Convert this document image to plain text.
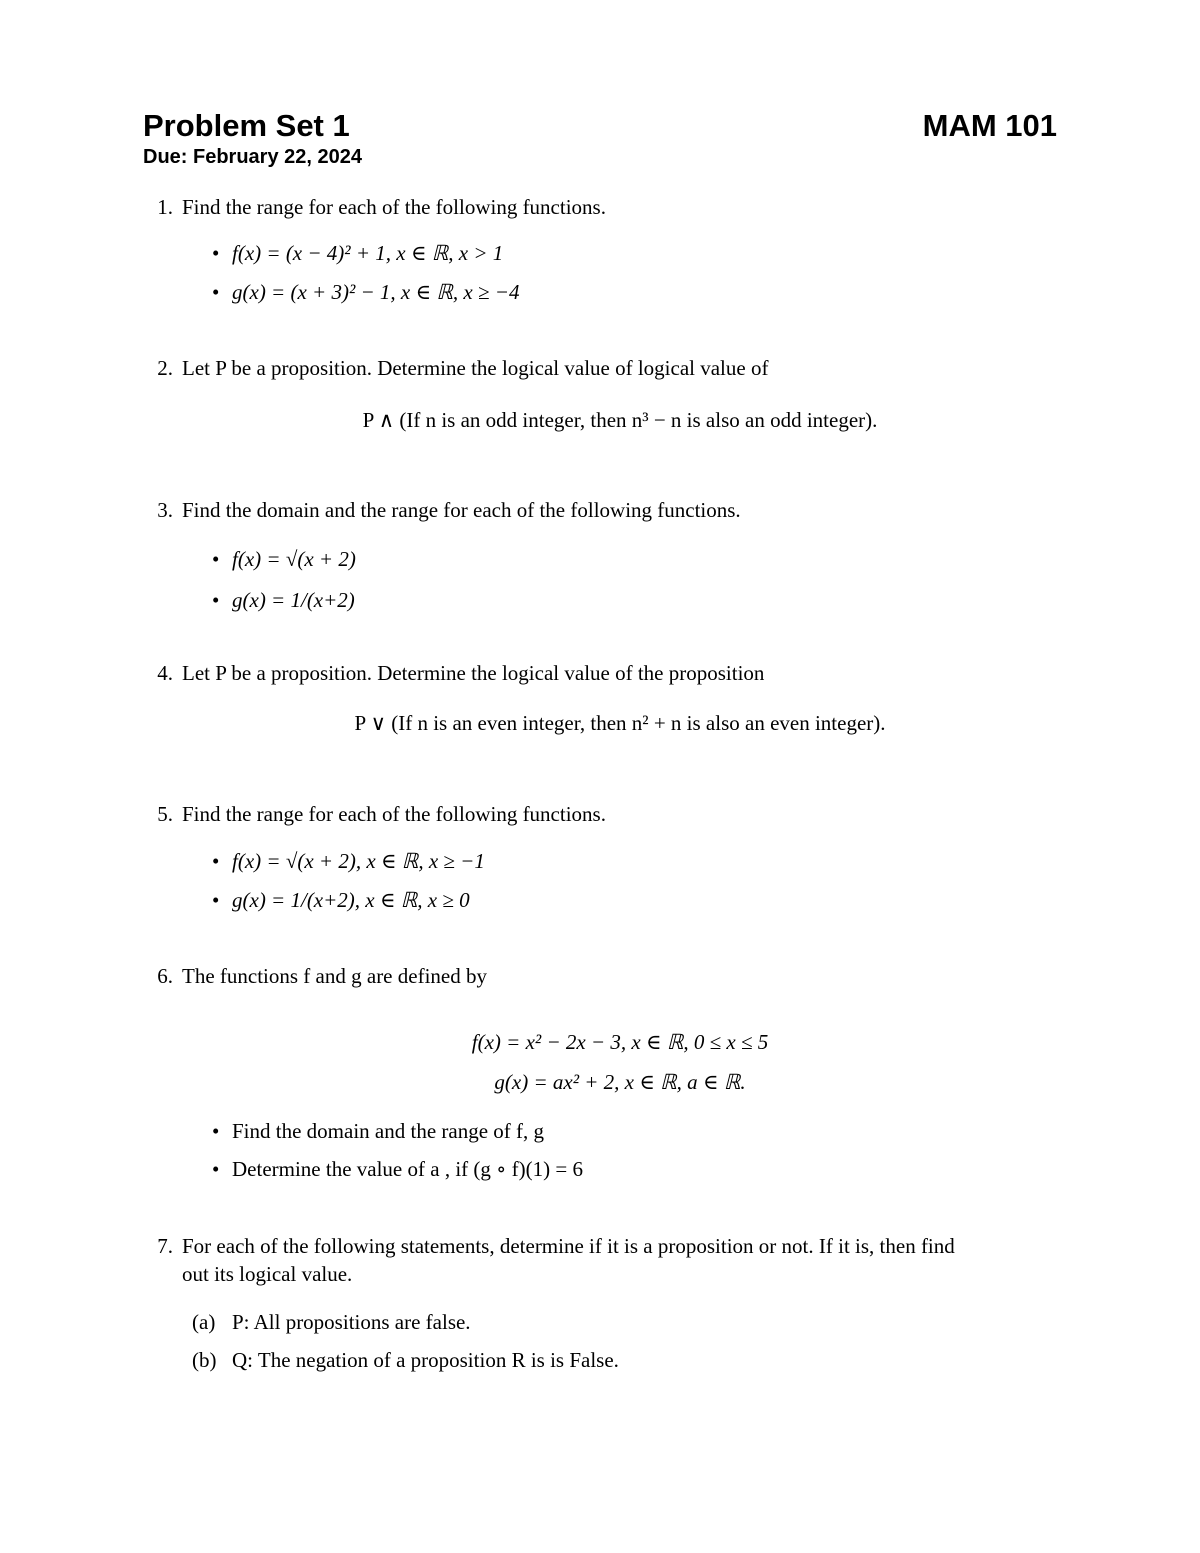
Problem Set 1	MAM 101
Due: February 22, 2024
1. Find the range for each of the following functions.
• f(x) = (x − 4)² + 1, x ∈ ℝ, x > 1
• g(x) = (x + 3)² − 1, x ∈ ℝ, x ≥ −4
2. Let P be a proposition. Determine the logical value of logical value of
P ∧ (If n is an odd integer, then n³ − n is also an odd integer).
3. Find the domain and the range for each of the following functions.
• f(x) = √(x + 2)
• g(x) = 1/(x+2)
4. Let P be a proposition. Determine the logical value of the proposition
P ∨ (If n is an even integer, then n² + n is also an even integer).
5. Find the range for each of the following functions.
• f(x) = √(x + 2), x ∈ ℝ, x ≥ −1
• g(x) = 1/(x+2), x ∈ ℝ, x ≥ 0
6. The functions f and g are defined by
f(x) = x² − 2x − 3, x ∈ ℝ, 0 ≤ x ≤ 5
g(x) = ax² + 2, x ∈ ℝ, a ∈ ℝ.
• Find the domain and the range of f, g
• Determine the value of a , if (g ∘ f)(1) = 6
7. For each of the following statements, determine if it is a proposition or not. If it is, then find
out its logical value.
(a) P: All propositions are false.
(b) Q: The negation of a proposition R is is False.
